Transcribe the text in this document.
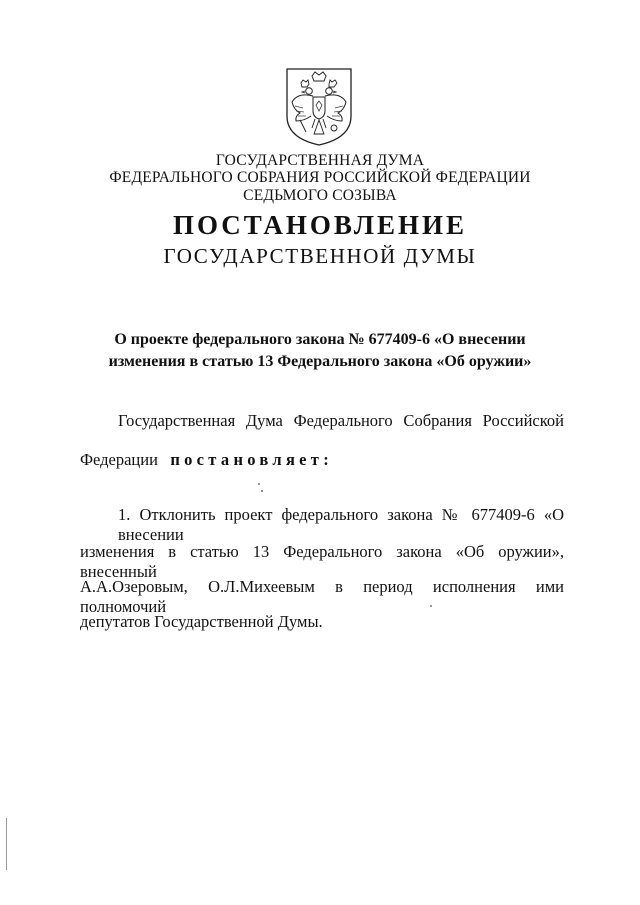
ГОСУДАРСТВЕННАЯ ДУМА
ФЕДЕРАЛЬНОГО СОБРАНИЯ РОССИЙСКОЙ ФЕДЕРАЦИИ
СЕДЬМОГО СОЗЫВА
ПОСТАНОВЛЕНИЕ
ГОСУДАРСТВЕННОЙ ДУМЫ
О проекте федерального закона № 677409-6 «О внесении
изменения в статью 13 Федерального закона «Об оружии»
Государственная Дума Федерального Собрания Российской
Федерации постановляет:
1. Отклонить проект федерального закона № 677409-6 «О внесении
изменения в статью 13 Федерального закона «Об оружии», внесенный
А.А.Озеровым, О.Л.Михеевым в период исполнения ими полномочий
депутатов Государственной Думы.
